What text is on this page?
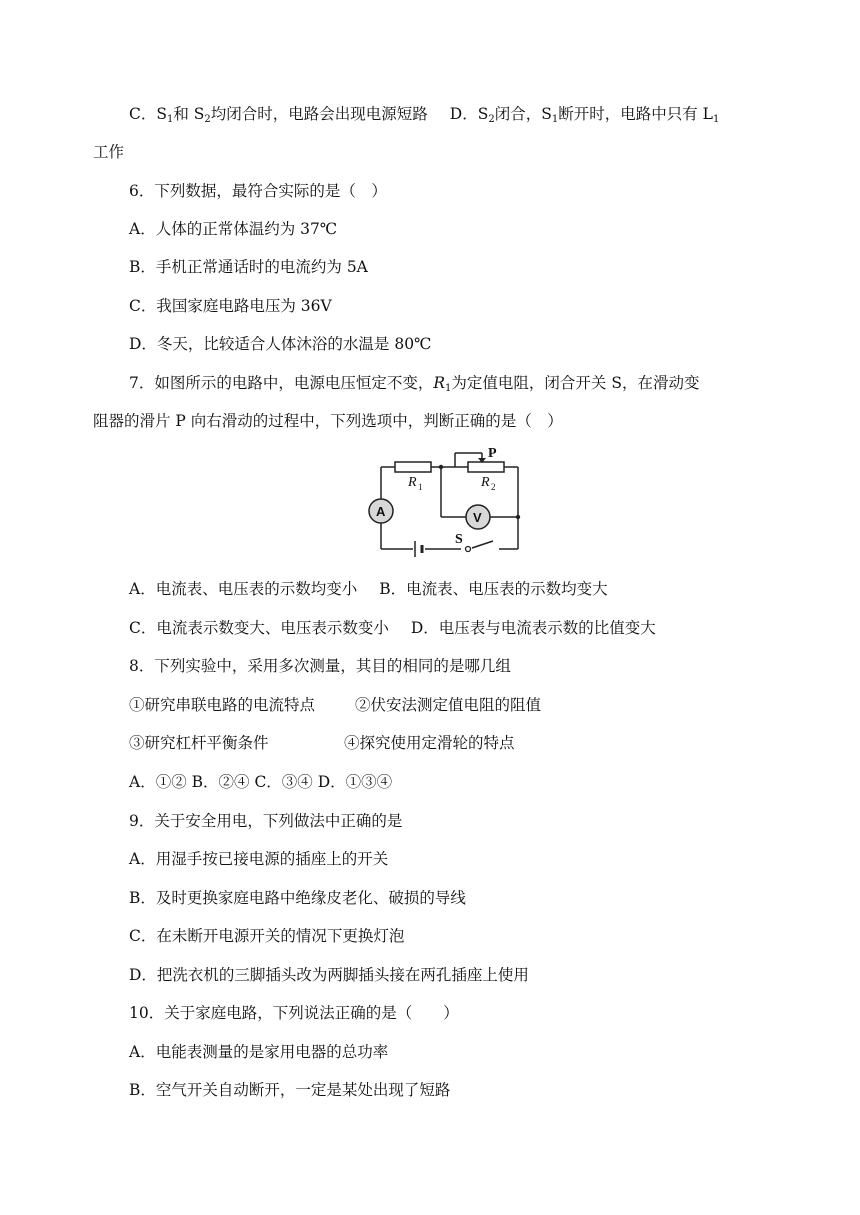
C．$S_1$和 $S_2$均闭合时，电路会出现电源短路 D．$S_2$闭合，$S_1$断开时，电路中只有 $L_1$
工作
6．下列数据，最符合实际的是（　）
A．人体的正常体温约为 37℃
B．手机正常通话时的电流约为 5A
C．我国家庭电路电压为 36V
D．冬天，比较适合人体沐浴的水温是 80℃
7．如图所示的电路中，电源电压恒定不变，$R_1$为定值电阻，闭合开关 S，在滑动变
阻器的滑片 P 向右滑动的过程中，下列选项中，判断正确的是（　）
P
R 1	R 2
A	V
S
A．电流表、电压表的示数均变小 B．电流表、电压表的示数均变大
C．电流表示数变大、电压表示数变小 D．电压表与电流表示数的比值变大
8．下列实验中，采用多次测量，其目的相同的是哪几组
①研究串联电路的电流特点	②伏安法测定值电阻的阻值
③研究杠杆平衡条件	④探究使用定滑轮的特点
A．①② B．②④ C．③④ D．①③④
9．关于安全用电，下列做法中正确的是
A．用湿手按已接电源的插座上的开关
B．及时更换家庭电路中绝缘皮老化、破损的导线
C．在未断开电源开关的情况下更换灯泡
D．把洗衣机的三脚插头改为两脚插头接在两孔插座上使用
10．关于家庭电路，下列说法正确的是（　　）
A．电能表测量的是家用电器的总功率
B．空气开关自动断开，一定是某处出现了短路
